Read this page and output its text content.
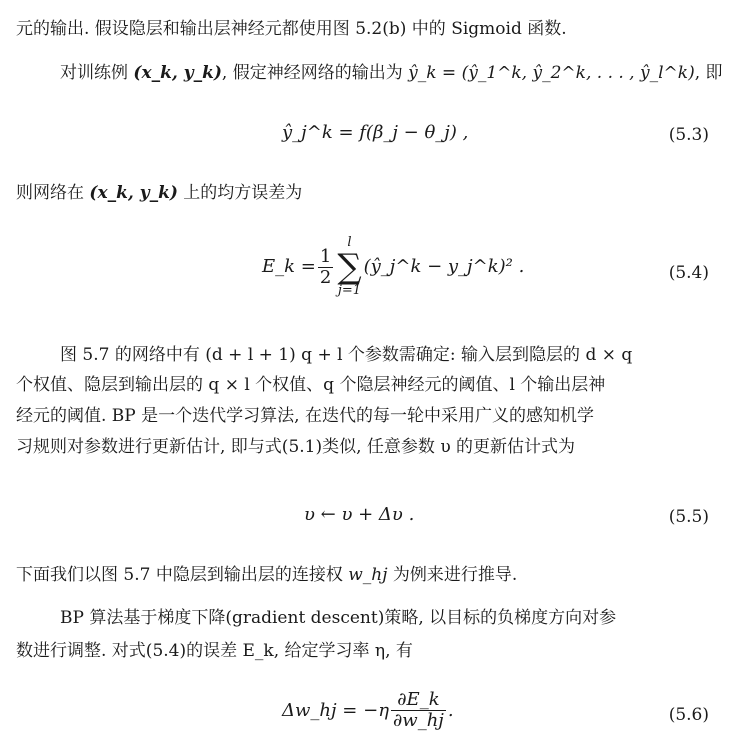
元的输出. 假设隐层和输出层神经元都使用图 5.2(b) 中的 Sigmoid 函数.
对训练例 (x_k, y_k), 假定神经网络的输出为 ŷ_k = (ŷ_1^k, ŷ_2^k, . . . , ŷ_l^k), 即
ŷ_j^k = f(β_j − θ_j) ,	(5.3)
则网络在 (x_k, y_k) 上的均方误差为
E_k = $\frac{1}{2}$
l
∑
j=1
(ŷ_j^k − y_j^k)² .	(5.4)
图 5.7 的网络中有 (d + l + 1) q + l 个参数需确定: 输入层到隐层的 d × q
个权值、隐层到输出层的 q × l 个权值、q 个隐层神经元的阈值、l 个输出层神
经元的阈值. BP 是一个迭代学习算法, 在迭代的每一轮中采用广义的感知机学
习规则对参数进行更新估计, 即与式(5.1)类似, 任意参数 υ 的更新估计式为
υ ← υ + Δυ .	(5.5)
下面我们以图 5.7 中隐层到输出层的连接权 w_hj 为例来进行推导.
BP 算法基于梯度下降(gradient descent)策略, 以目标的负梯度方向对参
数进行调整. 对式(5.4)的误差 E_k, 给定学习率 η, 有
Δw_hj = $-\eta \frac{\partial E\_k}{\partial w\_hj}$ .	(5.6)
